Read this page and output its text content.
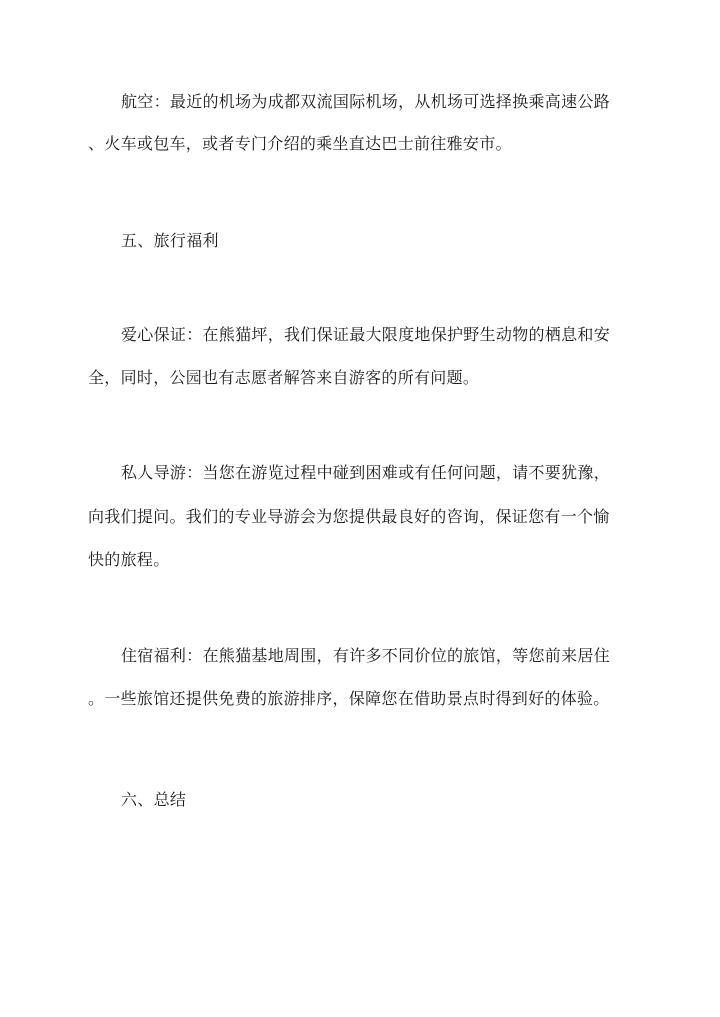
航空：最近的机场为成都双流国际机场，从机场可选择换乘高速公路
、火车或包车，或者专门介绍的乘坐直达巴士前往雅安市。
五、旅行福利
爱心保证：在熊猫坪，我们保证最大限度地保护野生动物的栖息和安
全，同时，公园也有志愿者解答来自游客的所有问题。
私人导游：当您在游览过程中碰到困难或有任何问题，请不要犹豫，
向我们提问。我们的专业导游会为您提供最良好的咨询，保证您有一个愉
快的旅程。
住宿福利：在熊猫基地周围，有许多不同价位的旅馆，等您前来居住
。一些旅馆还提供免费的旅游排序，保障您在借助景点时得到好的体验。
六、总结
